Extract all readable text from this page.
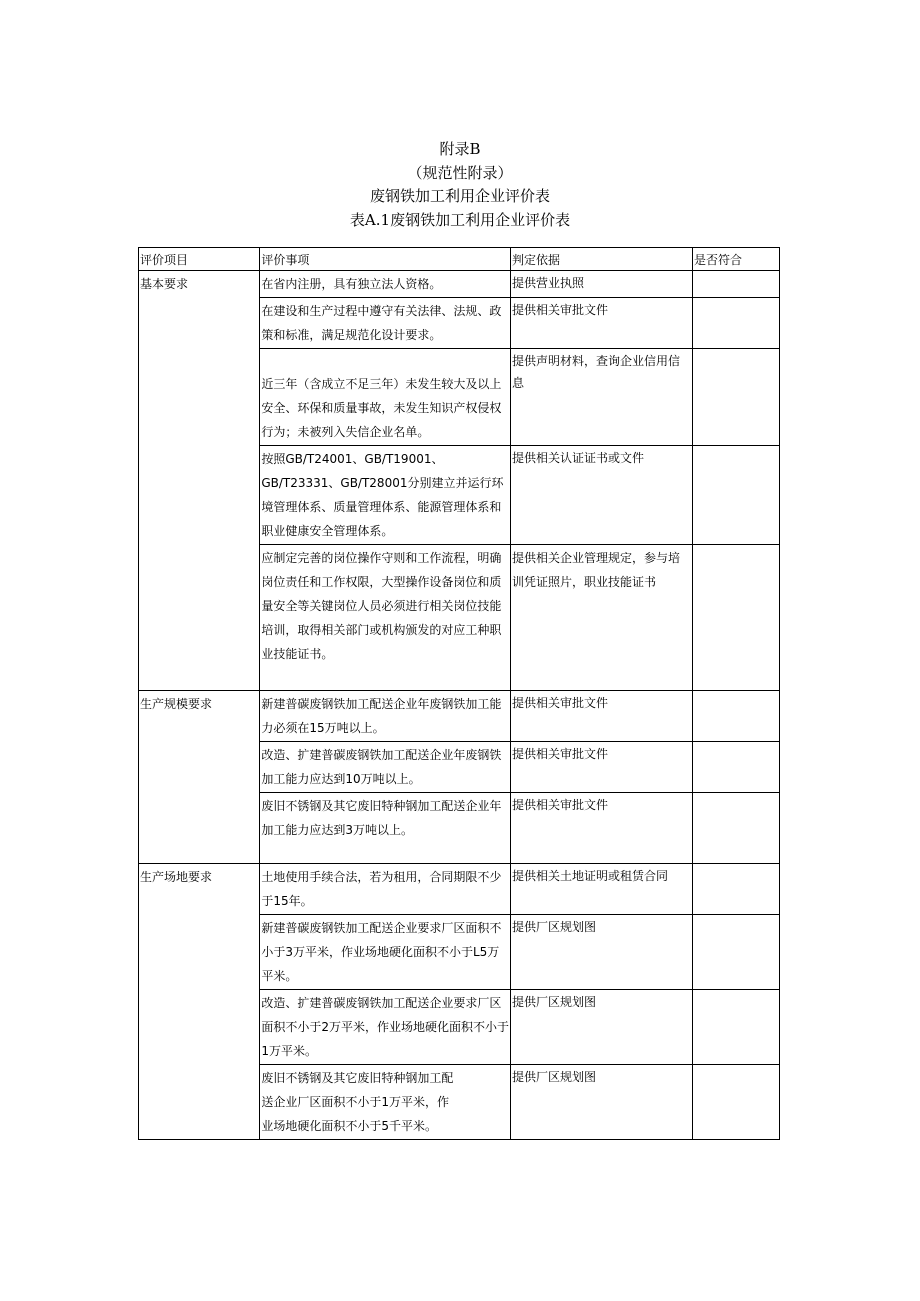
附录B
（规范性附录）
废钢铁加工利用企业评价表
表A.1废钢铁加工利用企业评价表
评价项目	评价事项	判定依据	是否符合
基本要求	在省内注册，具有独立法人资格。	提供营业执照	
	在建设和生产过程中遵守有关法律、法规、政策和标准，满足规范化设计要求。	提供相关审批文件	
	近三年（含成立不足三年）未发生较大及以上安全、环保和质量事故，未发生知识产权侵权行为；未被列入失信企业名单。	提供声明材料，查询企业信用信息	
	按照GB/T24001、GB/T19001、GB/T23331、GB/T28001分别建立并运行环境管理体系、质量管理体系、能源管理体系和职业健康安全管理体系。	提供相关认证证书或文件	
	应制定完善的岗位操作守则和工作流程，明确岗位责任和工作权限，大型操作设备岗位和质量安全等关键岗位人员必须进行相关岗位技能培训，取得相关部门或机构颁发的对应工种职业技能证书。	提供相关企业管理规定，参与培训凭证照片，职业技能证书	
生产规模要求	新建普碳废钢铁加工配送企业年废钢铁加工能力必须在15万吨以上。	提供相关审批文件	
	改造、扩建普碳废钢铁加工配送企业年废钢铁加工能力应达到10万吨以上。	提供相关审批文件	
	废旧不锈钢及其它废旧特种钢加工配送企业年加工能力应达到3万吨以上。	提供相关审批文件	
生产场地要求	土地使用手续合法，若为租用，合同期限不少于15年。	提供相关土地证明或租赁合同	
	新建普碳废钢铁加工配送企业要求厂区面积不小于3万平米，作业场地硬化面积不小于L5万平米。	提供厂区规划图	
	改造、扩建普碳废钢铁加工配送企业要求厂区面积不小于2万平米，作业场地硬化面积不小于1万平米。	提供厂区规划图	
	废旧不锈钢及其它废旧特种钢加工配送企业厂区面积不小于1万平米，作业场地硬化面积不小于5千平米。	提供厂区规划图	
